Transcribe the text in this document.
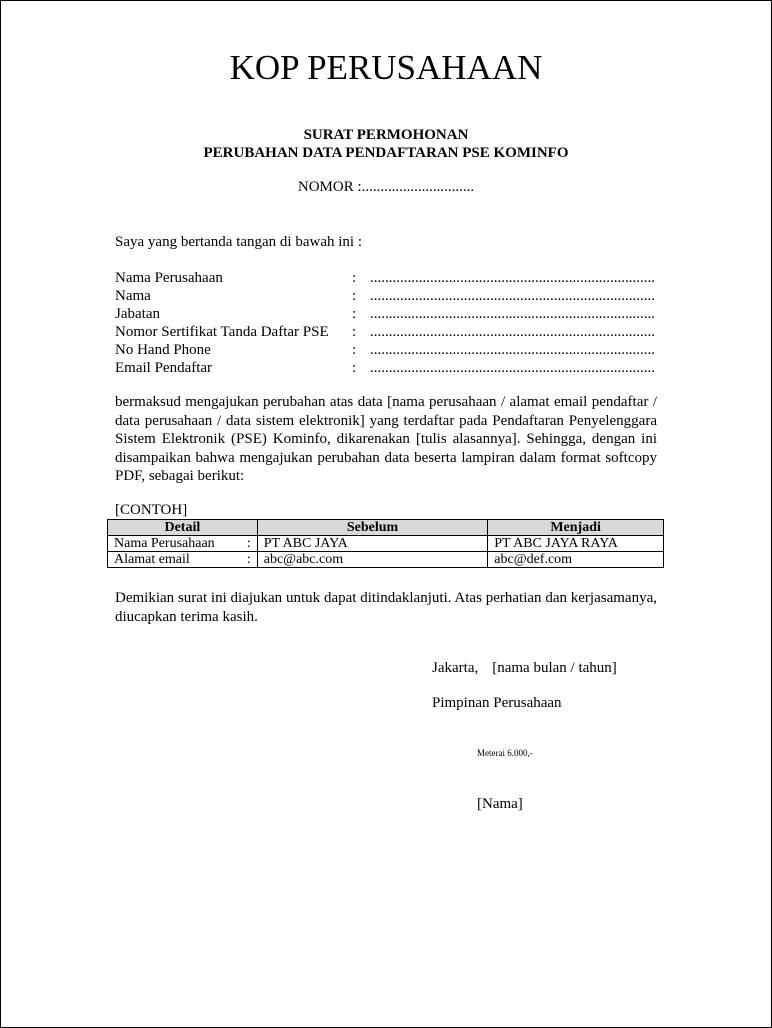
KOP PERUSAHAAN
SURAT PERMOHONAN
PERUBAHAN DATA PENDAFTARAN PSE KOMINFO
NOMOR :..............................
Saya yang bertanda tangan di bawah ini :
Nama Perusahaan	: ............................................................................
Nama	: ............................................................................
Jabatan	: ............................................................................
Nomor Sertifikat Tanda Daftar PSE : ............................................................................
No Hand Phone	: ............................................................................
Email Pendaftar	: ............................................................................
bermaksud mengajukan perubahan atas data [nama perusahaan / alamat email pendaftar / data perusahaan / data sistem elektronik] yang terdaftar pada Pendaftaran Penyelenggara Sistem Elektronik (PSE) Kominfo, dikarenakan [tulis alasannya]. Sehingga, dengan ini disampaikan bahwa mengajukan perubahan data beserta lampiran dalam format softcopy PDF, sebagai berikut:
[CONTOH]
Detail	Sebelum	Menjadi

Nama Perusahaan :	PT ABC JAYA	PT ABC JAYA RAYA

Alamat email :	abc@abc.com	abc@def.com
Demikian surat ini diajukan untuk dapat ditindaklanjuti. Atas perhatian dan kerjasamanya, diucapkan terima kasih.
Jakarta, [nama bulan / tahun]
Pimpinan Perusahaan
Meterai 6.000,-
[Nama]
